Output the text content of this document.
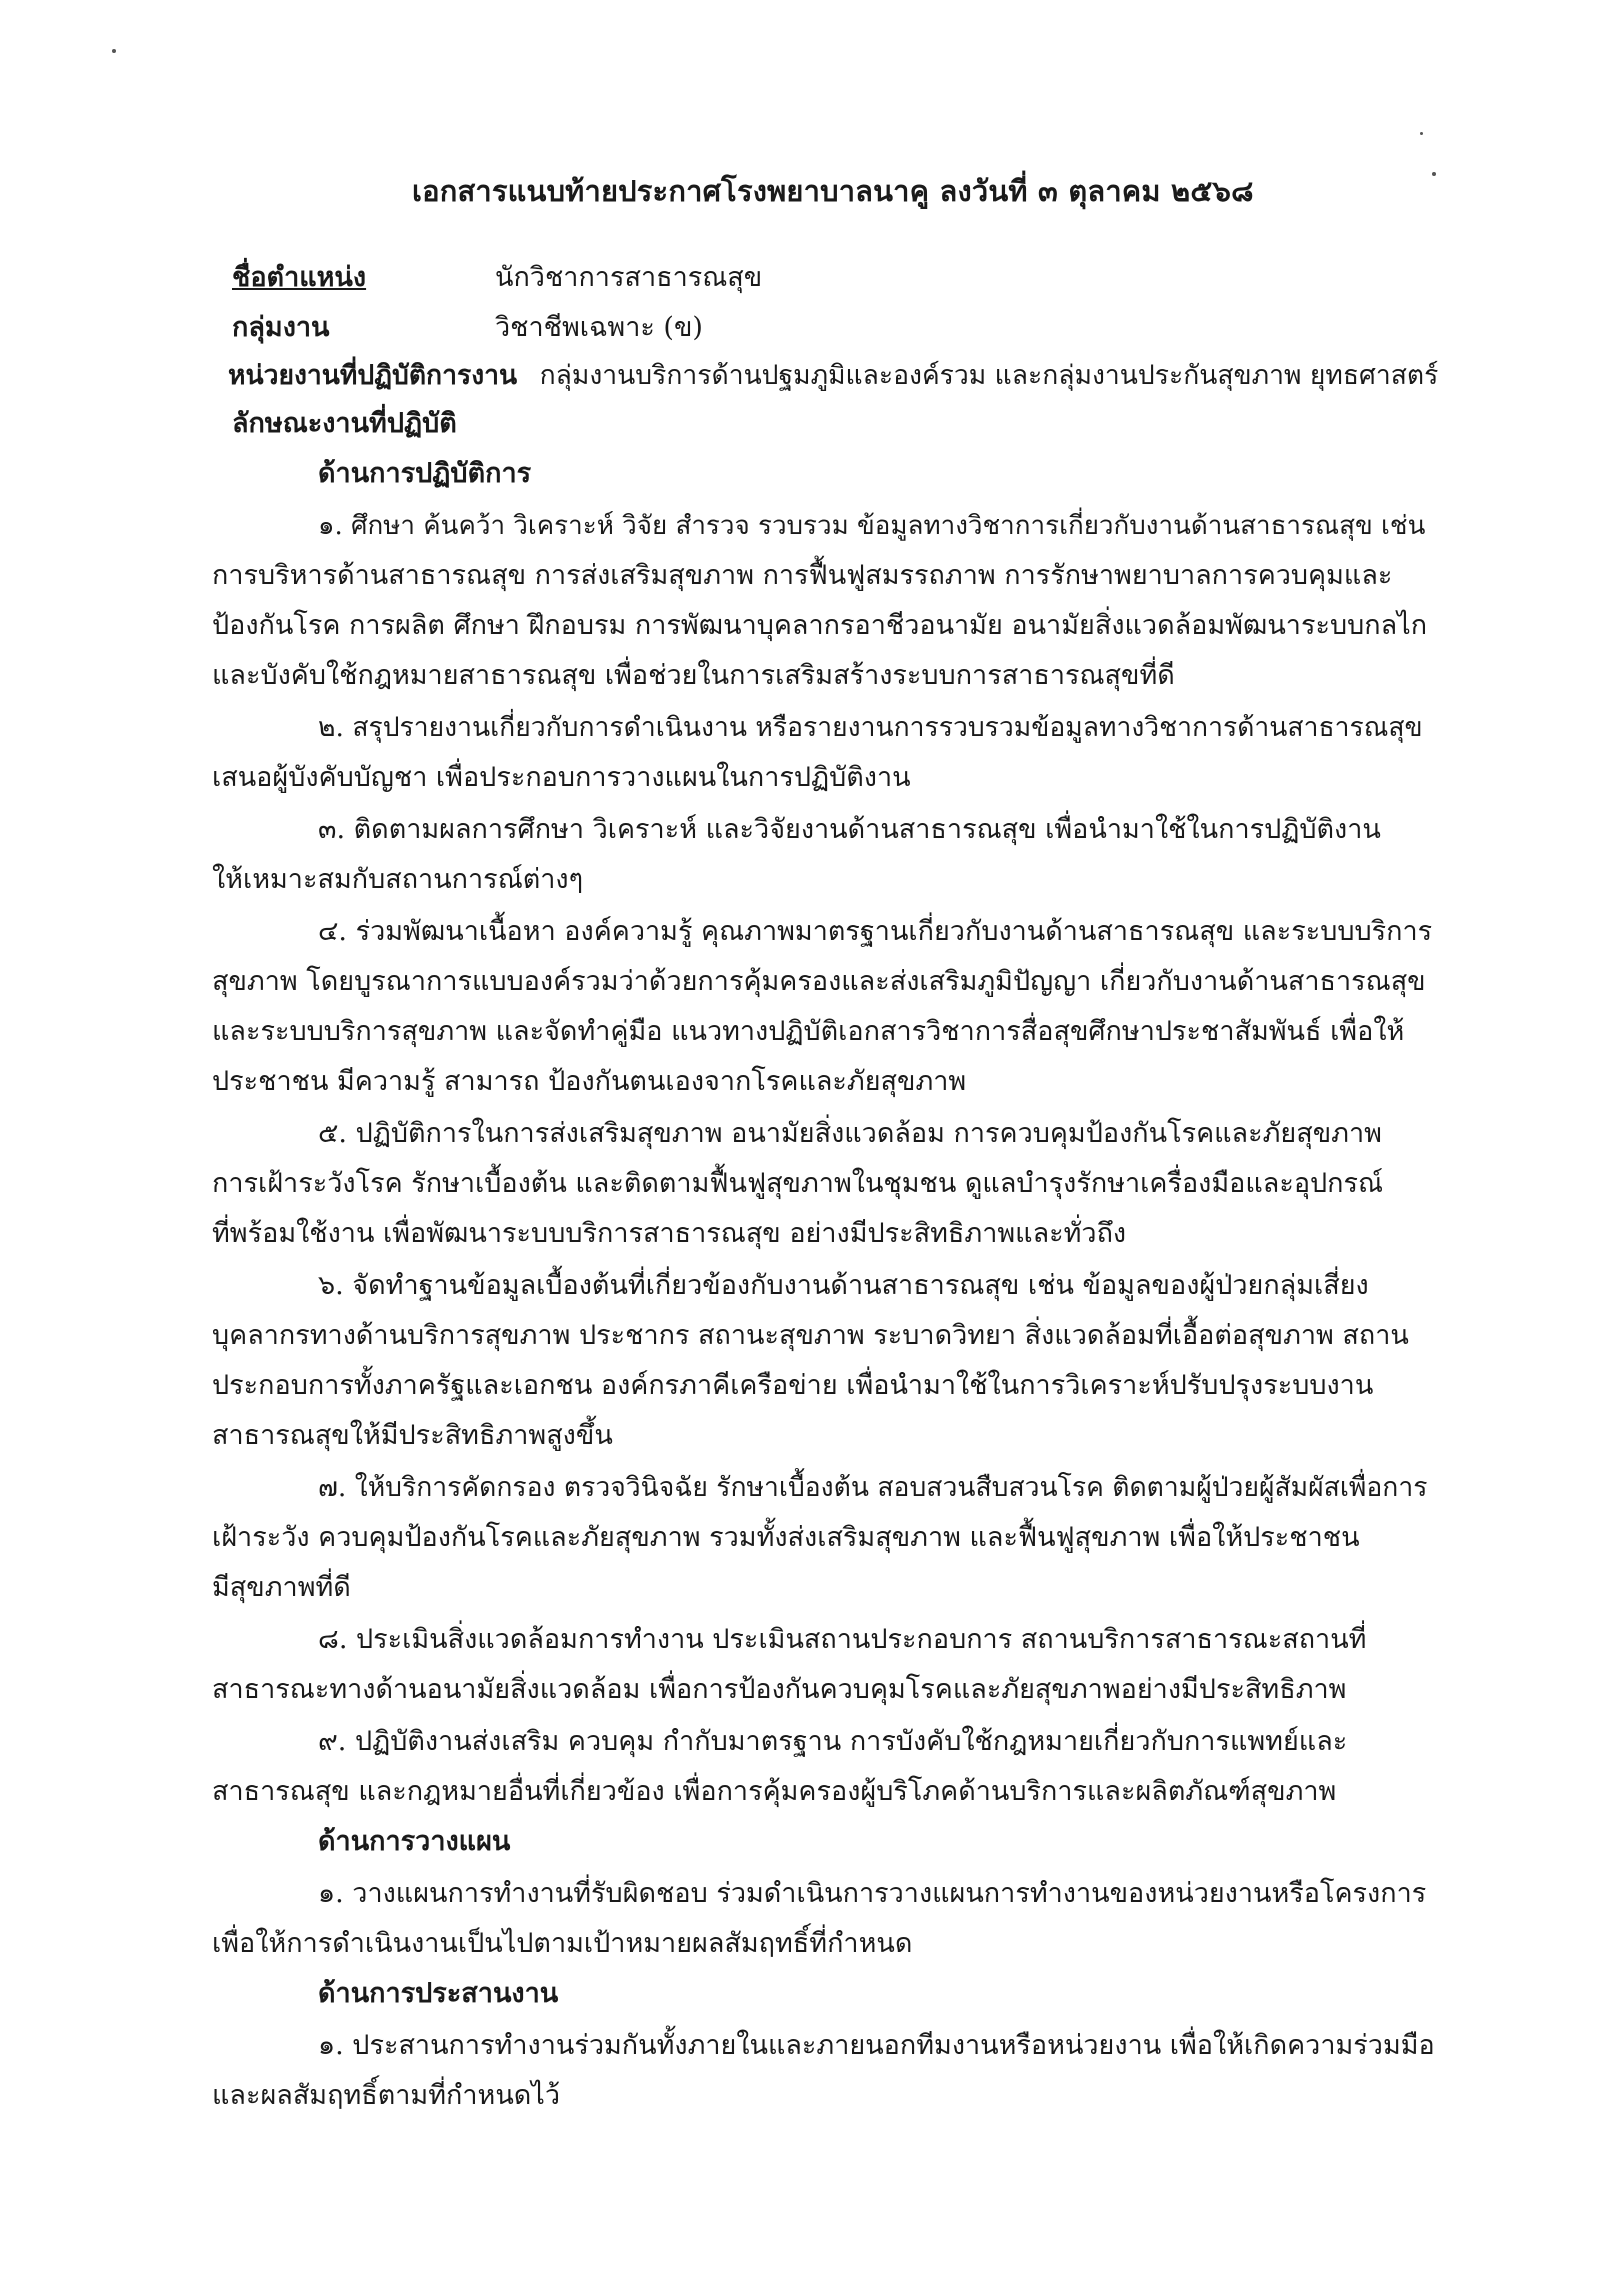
เอกสารแนบท้ายประกาศโรงพยาบาลนาคู ลงวันที่ ๓ ตุลาคม ๒๕๖๘
ชื่อตำแหน่ง	นักวิชาการสาธารณสุข
กลุ่มงาน	วิชาชีพเฉพาะ (ข)
หน่วยงานที่ปฏิบัติการงาน กลุ่มงานบริการด้านปฐมภูมิและองค์รวม และกลุ่มงานประกันสุขภาพ ยุทธศาสตร์
ลักษณะงานที่ปฏิบัติ
ด้านการปฏิบัติการ
๑. ศึกษา ค้นคว้า วิเคราะห์ วิจัย สำรวจ รวบรวม ข้อมูลทางวิชาการเกี่ยวกับงานด้านสาธารณสุข เช่น
การบริหารด้านสาธารณสุข การส่งเสริมสุขภาพ การฟื้นฟูสมรรถภาพ การรักษาพยาบาลการควบคุมและ
ป้องกันโรค การผลิต ศึกษา ฝึกอบรม การพัฒนาบุคลากรอาชีวอนามัย อนามัยสิ่งแวดล้อมพัฒนาระบบกลไก
และบังคับใช้กฎหมายสาธารณสุข เพื่อช่วยในการเสริมสร้างระบบการสาธารณสุขที่ดี
๒. สรุปรายงานเกี่ยวกับการดำเนินงาน หรือรายงานการรวบรวมข้อมูลทางวิชาการด้านสาธารณสุข
เสนอผู้บังคับบัญชา เพื่อประกอบการวางแผนในการปฏิบัติงาน
๓. ติดตามผลการศึกษา วิเคราะห์ และวิจัยงานด้านสาธารณสุข เพื่อนำมาใช้ในการปฏิบัติงาน
ให้เหมาะสมกับสถานการณ์ต่างๆ
๔. ร่วมพัฒนาเนื้อหา องค์ความรู้ คุณภาพมาตรฐานเกี่ยวกับงานด้านสาธารณสุข และระบบบริการ
สุขภาพ โดยบูรณาการแบบองค์รวมว่าด้วยการคุ้มครองและส่งเสริมภูมิปัญญา เกี่ยวกับงานด้านสาธารณสุข
และระบบบริการสุขภาพ และจัดทำคู่มือ แนวทางปฏิบัติเอกสารวิชาการสื่อสุขศึกษาประชาสัมพันธ์ เพื่อให้
ประชาชน มีความรู้ สามารถ ป้องกันตนเองจากโรคและภัยสุขภาพ
๕. ปฏิบัติการในการส่งเสริมสุขภาพ อนามัยสิ่งแวดล้อม การควบคุมป้องกันโรคและภัยสุขภาพ
การเฝ้าระวังโรค รักษาเบื้องต้น และติดตามฟื้นฟูสุขภาพในชุมชน ดูแลบำรุงรักษาเครื่องมือและอุปกรณ์
ที่พร้อมใช้งาน เพื่อพัฒนาระบบบริการสาธารณสุข อย่างมีประสิทธิภาพและทั่วถึง
๖. จัดทำฐานข้อมูลเบื้องต้นที่เกี่ยวข้องกับงานด้านสาธารณสุข เช่น ข้อมูลของผู้ป่วยกลุ่มเสี่ยง
บุคลากรทางด้านบริการสุขภาพ ประชากร สถานะสุขภาพ ระบาดวิทยา สิ่งแวดล้อมที่เอื้อต่อสุขภาพ สถาน
ประกอบการทั้งภาครัฐและเอกชน องค์กรภาคีเครือข่าย เพื่อนำมาใช้ในการวิเคราะห์ปรับปรุงระบบงาน
สาธารณสุขให้มีประสิทธิภาพสูงขึ้น
๗. ให้บริการคัดกรอง ตรวจวินิจฉัย รักษาเบื้องต้น สอบสวนสืบสวนโรค ติดตามผู้ป่วยผู้สัมผัสเพื่อการ
เฝ้าระวัง ควบคุมป้องกันโรคและภัยสุขภาพ รวมทั้งส่งเสริมสุขภาพ และฟื้นฟูสุขภาพ เพื่อให้ประชาชน
มีสุขภาพที่ดี
๘. ประเมินสิ่งแวดล้อมการทำงาน ประเมินสถานประกอบการ สถานบริการสาธารณะสถานที่
สาธารณะทางด้านอนามัยสิ่งแวดล้อม เพื่อการป้องกันควบคุมโรคและภัยสุขภาพอย่างมีประสิทธิภาพ
๙. ปฏิบัติงานส่งเสริม ควบคุม กำกับมาตรฐาน การบังคับใช้กฎหมายเกี่ยวกับการแพทย์และ
สาธารณสุข และกฎหมายอื่นที่เกี่ยวข้อง เพื่อการคุ้มครองผู้บริโภคด้านบริการและผลิตภัณฑ์สุขภาพ
ด้านการวางแผน
๑. วางแผนการทำงานที่รับผิดชอบ ร่วมดำเนินการวางแผนการทำงานของหน่วยงานหรือโครงการ
เพื่อให้การดำเนินงานเป็นไปตามเป้าหมายผลสัมฤทธิ์ที่กำหนด
ด้านการประสานงาน
๑. ประสานการทำงานร่วมกันทั้งภายในและภายนอกทีมงานหรือหน่วยงาน เพื่อให้เกิดความร่วมมือ
และผลสัมฤทธิ์ตามที่กำหนดไว้
